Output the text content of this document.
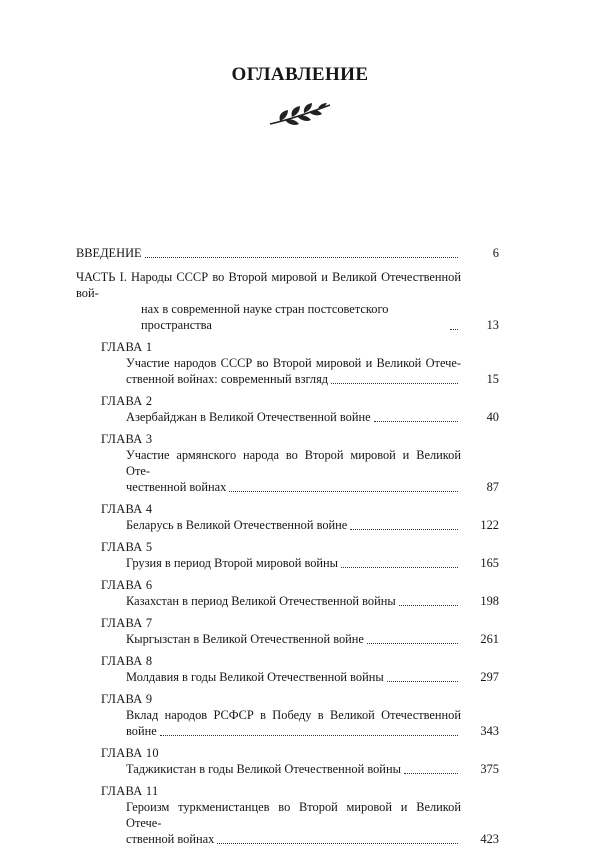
ОГЛАВЛЕНИЕ
ВВЕДЕНИЕ	6
ЧАСТЬ I. Народы СССР во Второй мировой и Великой Отечественной вой-
нах в современной науке стран постсоветского пространства	13
ГЛАВА 1
Участие народов СССР во Второй мировой и Великой Отече-
ственной войнах: современный взгляд	15
ГЛАВА 2
Азербайджан в Великой Отечественной войне	40
ГЛАВА 3
Участие армянского народа во Второй мировой и Великой Оте-
чественной войнах	87
ГЛАВА 4
Беларусь в Великой Отечественной войне	122
ГЛАВА 5
Грузия в период Второй мировой войны	165
ГЛАВА 6
Казахстан в период Великой Отечественной войны	198
ГЛАВА 7
Кыргызстан в Великой Отечественной войне	261
ГЛАВА 8
Молдавия в годы Великой Отечественной войны	297
ГЛАВА 9
Вклад народов РСФСР в Победу в Великой Отечественной
войне	343
ГЛАВА 10
Таджикистан в годы Великой Отечественной войны	375
ГЛАВА 11
Героизм туркменистанцев во Второй мировой и Великой Отече-
ственной войнах	423
